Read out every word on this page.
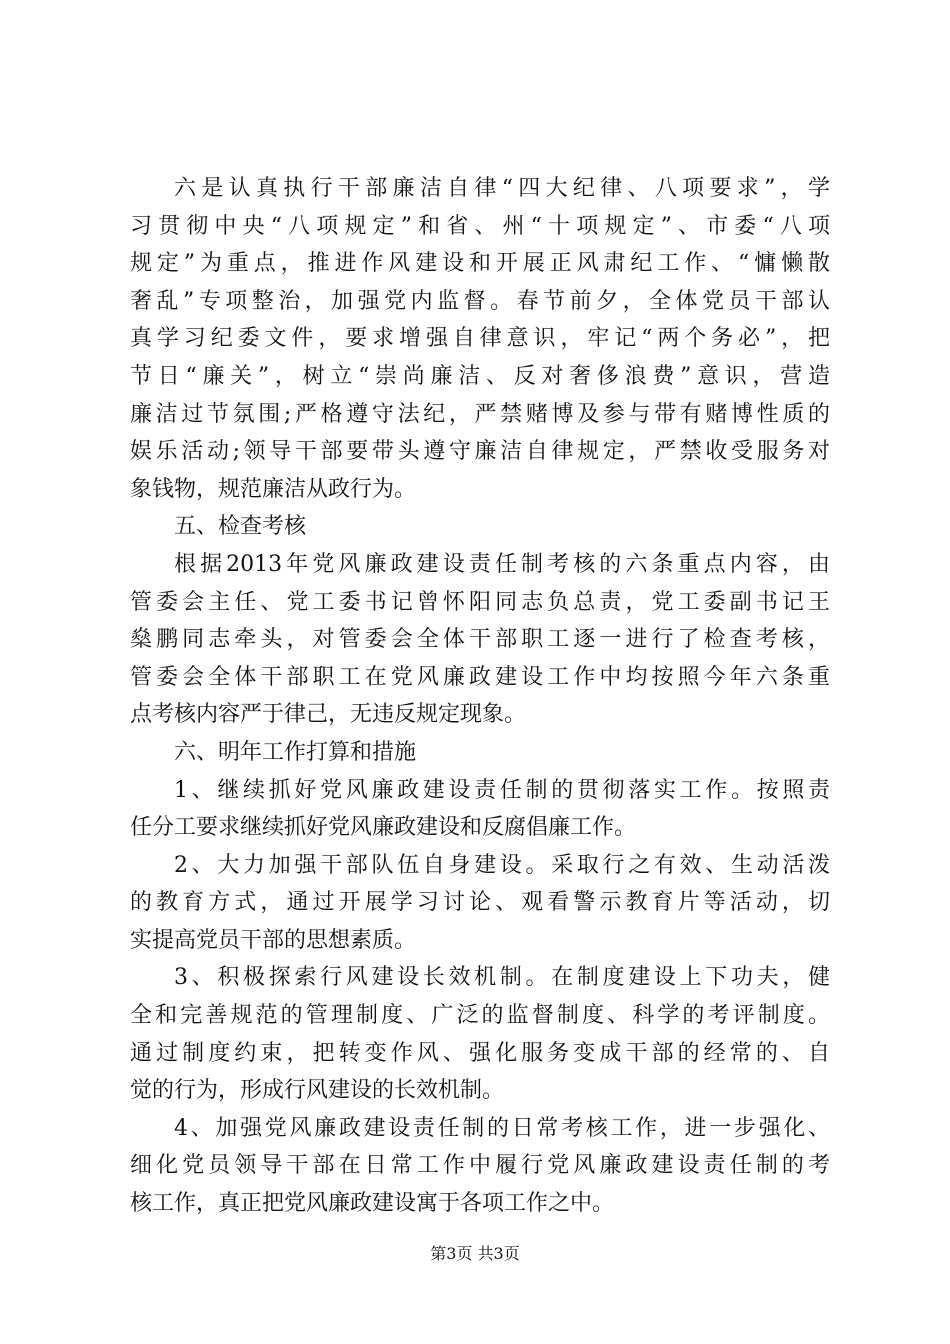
六是认真执行干部廉洁自律“四大纪律、八项要求”，学
习贯彻中央“八项规定”和省、州“十项规定”、市委“八项
规定”为重点，推进作风建设和开展正风肃纪工作、“慵懒散
奢乱”专项整治，加强党内监督。春节前夕，全体党员干部认
真学习纪委文件，要求增强自律意识，牢记“两个务必”，把
节日“廉关”，树立“崇尚廉洁、反对奢侈浪费”意识，营造
廉洁过节氛围;严格遵守法纪，严禁赌博及参与带有赌博性质的
娱乐活动;领导干部要带头遵守廉洁自律规定，严禁收受服务对
象钱物，规范廉洁从政行为。
五、检查考核
根据2013年党风廉政建设责任制考核的六条重点内容，由
管委会主任、党工委书记曾怀阳同志负总责，党工委副书记王
燊鹏同志牵头，对管委会全体干部职工逐一进行了检查考核，
管委会全体干部职工在党风廉政建设工作中均按照今年六条重
点考核内容严于律己，无违反规定现象。
六、明年工作打算和措施
1、继续抓好党风廉政建设责任制的贯彻落实工作。按照责
任分工要求继续抓好党风廉政建设和反腐倡廉工作。
2、大力加强干部队伍自身建设。采取行之有效、生动活泼
的教育方式，通过开展学习讨论、观看警示教育片等活动，切
实提高党员干部的思想素质。
3、积极探索行风建设长效机制。在制度建设上下功夫，健
全和完善规范的管理制度、广泛的监督制度、科学的考评制度。
通过制度约束，把转变作风、强化服务变成干部的经常的、自
觉的行为，形成行风建设的长效机制。
4、加强党风廉政建设责任制的日常考核工作，进一步强化、
细化党员领导干部在日常工作中履行党风廉政建设责任制的考
核工作，真正把党风廉政建设寓于各项工作之中。
第3页 共3页
